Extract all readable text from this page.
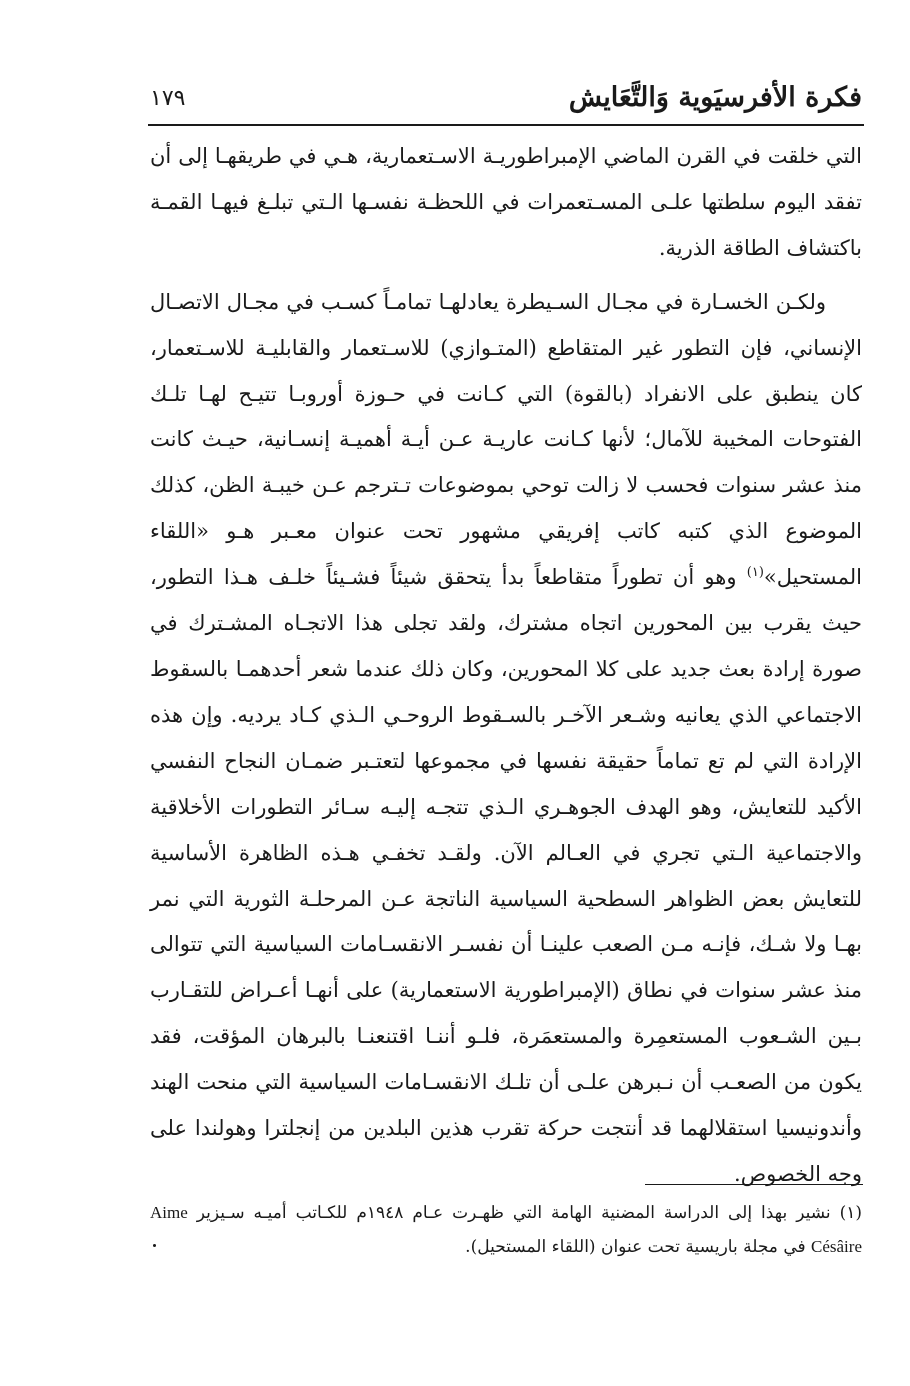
فكرة الأفرسيَوية وَالتَّعَايش
١٧٩

التي خلقت في القرن الماضي الإمبراطوريـة الاسـتعمارية، هـي في طريقهـا إلى أن تفقد اليوم سلطتها علـى المسـتعمرات في اللحظـة نفسـها الـتي تبلـغ فيهـا القمـة باكتشاف الطاقة الذرية.

ولكـن الخسـارة في مجـال السـيطرة يعادلهـا تمامـاً كسـب في مجـال الاتصـال الإنساني، فإن التطور غير المتقاطع (المتـوازي) للاسـتعمار والقابليـة للاسـتعمار، كان ينطبق على الانفراد (بالقوة) التي كـانت في حـوزة أوروبـا تتيـح لهـا تلـك الفتوحات المخيبة للآمال؛ لأنها كـانت عاريـة عـن أيـة أهميـة إنسـانية، حيـث كانت منذ عشر سنوات فحسب لا زالت توحي بموضوعات تـترجم عـن خيبـة الظن، كذلك الموضوع الذي كتبه كاتب إفريقي مشهور تحت عنوان معـبر هـو «اللقاء المستحيل»$^{(١)}$ وهو أن تطوراً متقاطعاً بدأ يتحقق شيئاً فشـيئاً خلـف هـذا التطور، حيث يقرب بين المحورين اتجاه مشترك، ولقد تجلى هذا الاتجـاه المشـترك في صورة إرادة بعث جديد على كلا المحورين، وكان ذلك عندما شعر أحدهمـا بالسقوط الاجتماعي الذي يعانيه وشـعر الآخـر بالسـقوط الروحـي الـذي كـاد يرديه. وإن هذه الإرادة التي لم تع تماماً حقيقة نفسها في مجموعها لتعتـبر ضمـان النجاح النفسي الأكيد للتعايش، وهو الهدف الجوهـري الـذي تتجـه إليـه سـائر التطورات الأخلاقية والاجتماعية الـتي تجري في العـالم الآن. ولقـد تخفـي هـذه الظاهرة الأساسية للتعايش بعض الظواهر السطحية السياسية الناتجة عـن المرحلـة الثورية التي نمر بهـا ولا شـك، فإنـه مـن الصعب علينـا أن نفسـر الانقسـامات السياسية التي تتوالى منذ عشر سنوات في نطاق (الإمبراطورية الاستعمارية) على أنهـا أعـراض للتقـارب بـين الشـعوب المستعمِرة والمستعمَرة، فلـو أننـا اقتنعنـا بالبرهان المؤقت، فقد يكون من الصعـب أن نـبرهن علـى أن تلـك الانقسـامات السياسية التي منحت الهند وأندونيسيا استقلالهما قد أنتجت حركة تقرب هذين البلدين من إنجلترا وهولندا على وجه الخصوص.

(١) نشير بهذا إلى الدراسة المضنية الهامة التي ظهـرت عـام ١٩٤٨م للكـاتب أميـه سـيزير Aime Césâire في مجلة باريسية تحت عنوان (اللقاء المستحيل).
